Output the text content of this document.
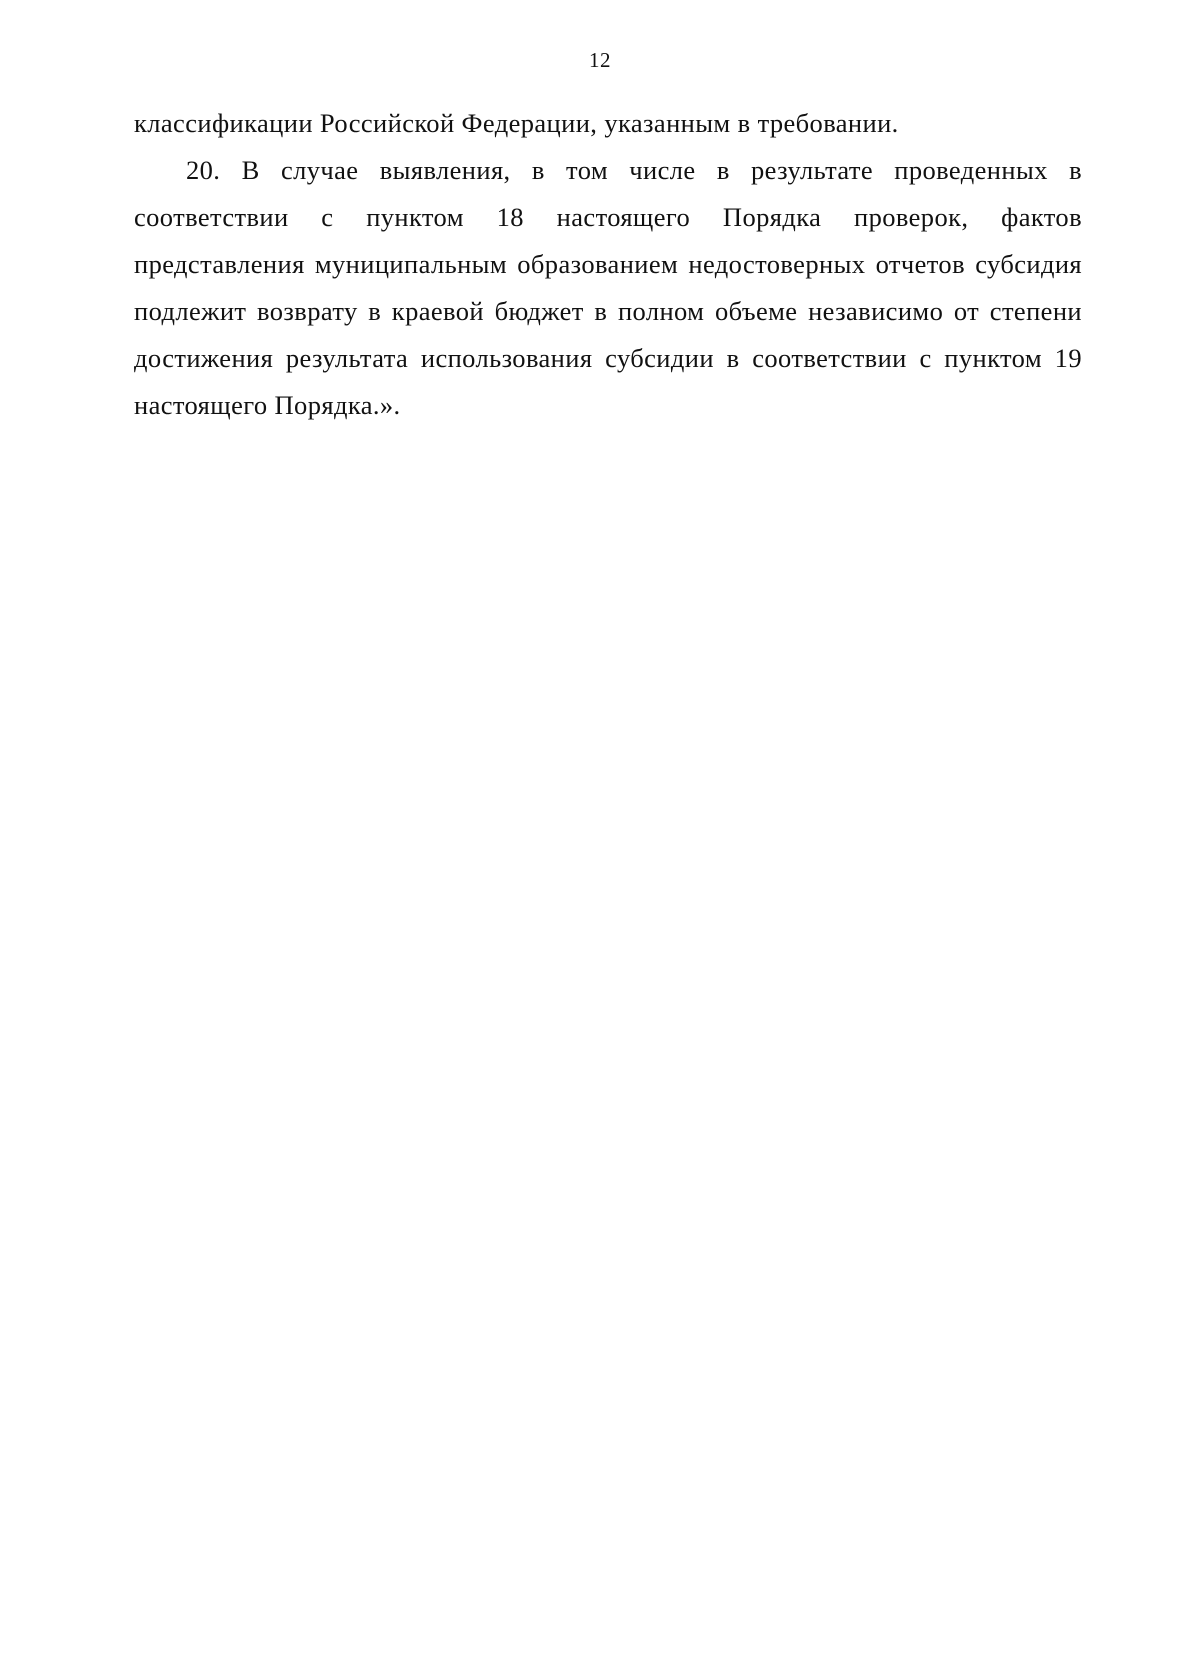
12
классификации Российской Федерации, указанным в требовании.
20. В случае выявления, в том числе в результате проведенных в
соответствии с пунктом 18 настоящего Порядка проверок, фактов
представления муниципальным образованием недостоверных отчетов субсидия
подлежит возврату в краевой бюджет в полном объеме независимо от степени
достижения результата использования субсидии в соответствии с пунктом 19
настоящего Порядка.».
